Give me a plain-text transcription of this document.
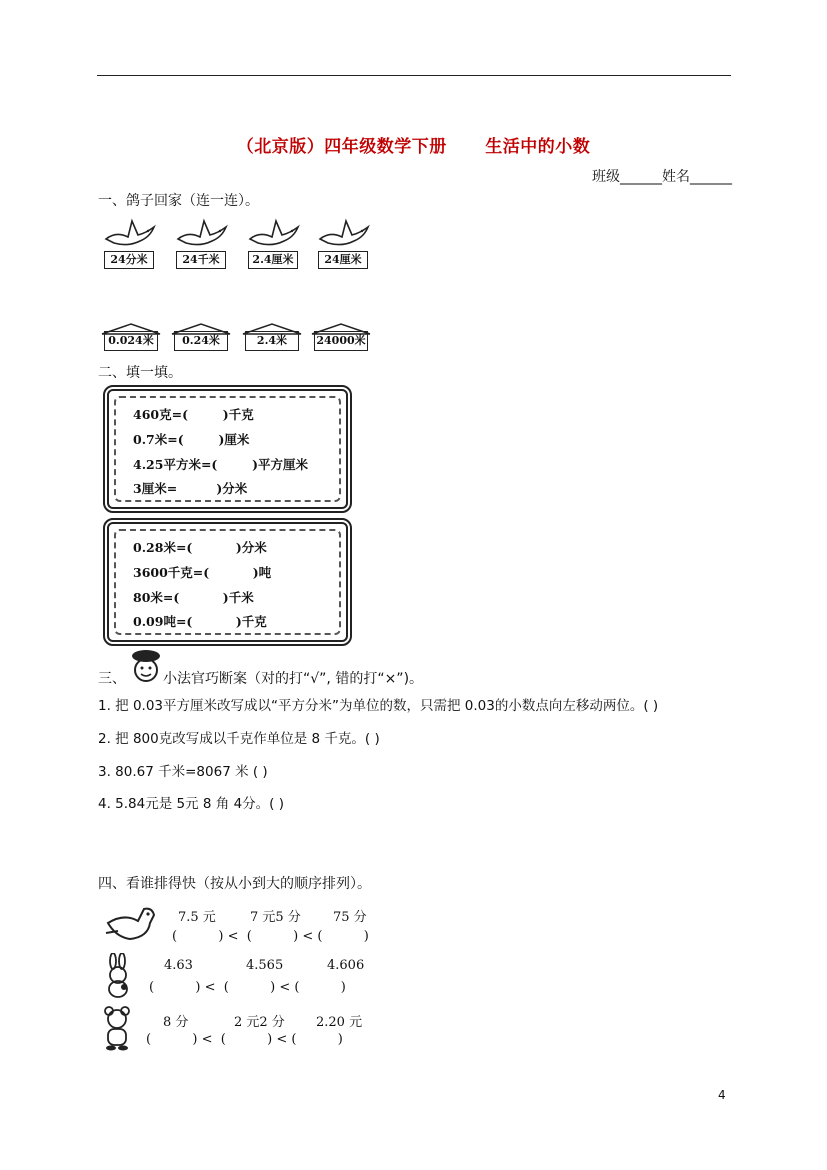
（北京版）四年级数学下册      生活中的小数
班级______姓名______
一、鸽子回家（连一连）。
24分米	24千米	2.4厘米	24厘米
0.024米	0.24米	2.4米	24000米
二、填一填。
460克=(        )千克
0.7米=(        )厘米
4.25平方米=(        )平方厘米
3厘米=         )分米
0.28米=(          )分米
3600千克=(          )吨
80米=(          )千米
0.09吨=(          )千克
三、	小法官巧断案（对的打“√”, 错的打“×”)。
1. 把 0.03平方厘米改写成以“平方分米”为单位的数，只需把 0.03的小数点向左移动两位。( )
2. 把 800克改写成以千克作单位是 8 千克。( )
3. 80.67 千米=8067 米 ( )
4. 5.84元是 5元 8 角 4分。( )
四、看谁排得快（按从小到大的顺序排列）。
7.5 元	7 元5 分 75 分
(          ) <  (          ) < (          )
4.63	4.565	4.606
(          ) <  (          ) < (          )
8 分	2 元2 分 2.20 元
(          ) <  (          ) < (          )
4
